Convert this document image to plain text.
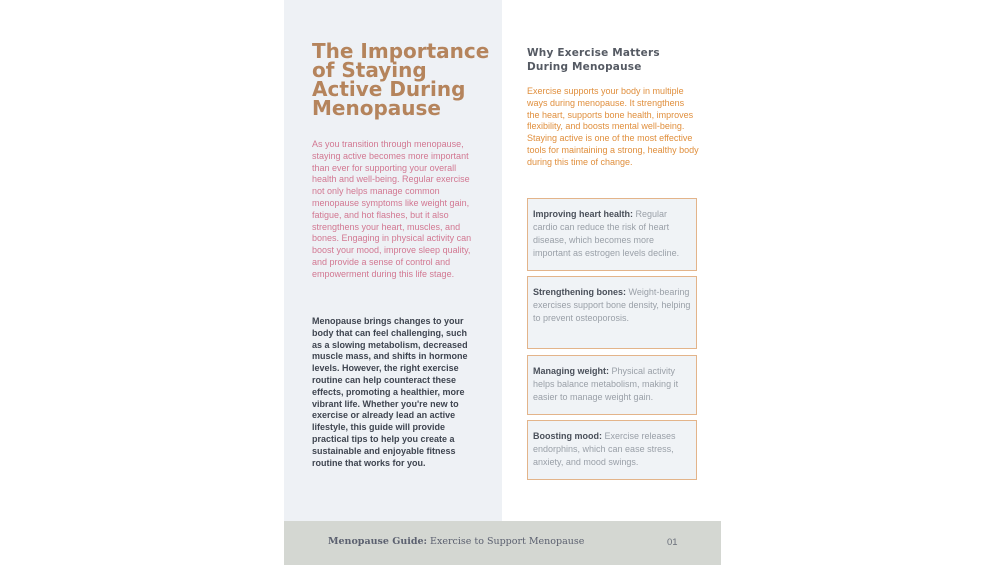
The Importance of Staying Active During Menopause

As you transition through menopause, staying active becomes more important than ever for supporting your overall health and well-being. Regular exercise not only helps manage common menopause symptoms like weight gain, fatigue, and hot flashes, but it also strengthens your heart, muscles, and bones. Engaging in physical activity can boost your mood, improve sleep quality, and provide a sense of control and empowerment during this life stage.

Menopause brings changes to your body that can feel challenging, such as a slowing metabolism, decreased muscle mass, and shifts in hormone levels. However, the right exercise routine can help counteract these effects, promoting a healthier, more vibrant life. Whether you're new to exercise or already lead an active lifestyle, this guide will provide practical tips to help you create a sustainable and enjoyable fitness routine that works for you.

Why Exercise Matters During Menopause

Exercise supports your body in multiple ways during menopause. It strengthens the heart, supports bone health, improves flexibility, and boosts mental well-being. Staying active is one of the most effective tools for maintaining a strong, healthy body during this time of change.

Improving heart health: Regular cardio can reduce the risk of heart disease, which becomes more important as estrogen levels decline.
Strengthening bones: Weight-bearing exercises support bone density, helping to prevent osteoporosis.
Managing weight: Physical activity helps balance metabolism, making it easier to manage weight gain.
Boosting mood: Exercise releases endorphins, which can ease stress, anxiety, and mood swings.
Menopause Guide: Exercise to Support Menopause	01
